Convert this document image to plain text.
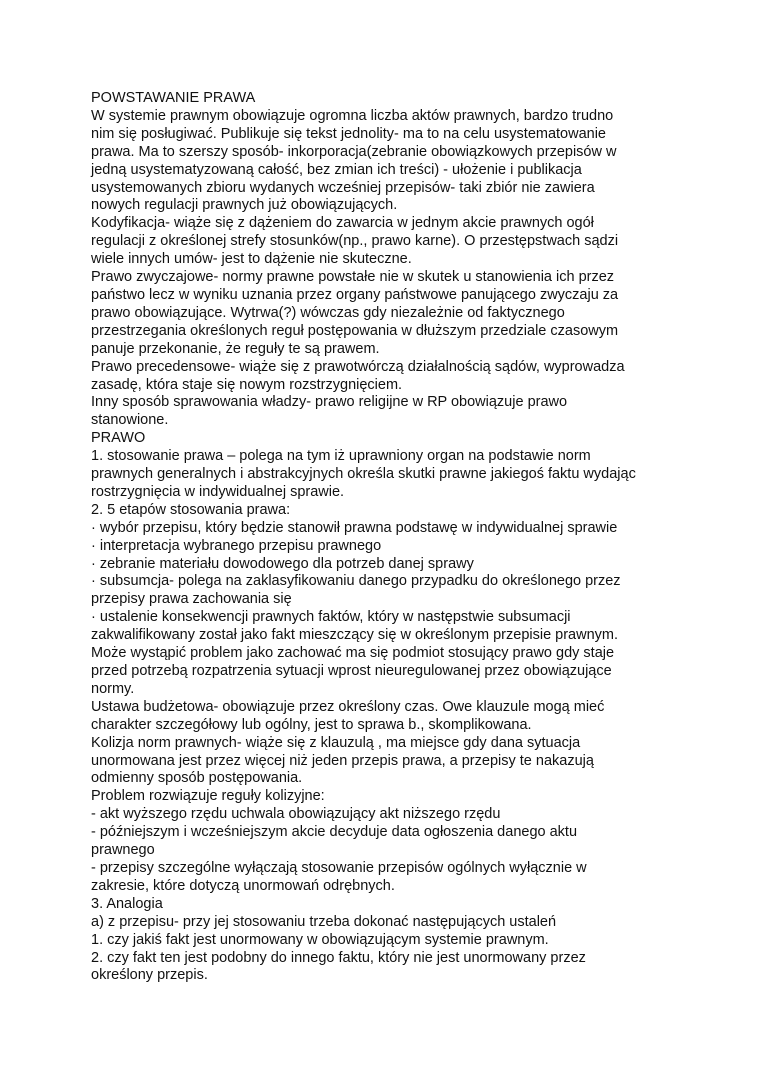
POWSTAWANIE PRAWA
W systemie prawnym obowiązuje ogromna liczba aktów prawnych, bardzo trudno
nim się posługiwać. Publikuje się tekst jednolity- ma to na celu usystematowanie
prawa. Ma to szerszy sposób- inkorporacja(zebranie obowiązkowych przepisów w
jedną usystematyzowaną całość, bez zmian ich treści) - ułożenie i publikacja
usystemowanych zbioru wydanych wcześniej przepisów- taki zbiór nie zawiera
nowych regulacji prawnych już obowiązujących.
Kodyfikacja- wiąże się z dążeniem do zawarcia w jednym akcie prawnych ogół
regulacji z określonej strefy stosunków(np., prawo karne). O przestępstwach sądzi
wiele innych umów- jest to dążenie nie skuteczne.
Prawo zwyczajowe- normy prawne powstałe nie w skutek u stanowienia ich przez
państwo lecz w wyniku uznania przez organy państwowe panującego zwyczaju za
prawo obowiązujące. Wytrwa(?) wówczas gdy niezależnie od faktycznego
przestrzegania określonych reguł postępowania w dłuższym przedziale czasowym
panuje przekonanie, że reguły te są prawem.
Prawo precedensowe- wiąże się z prawotwórczą działalnością sądów, wyprowadza
zasadę, która staje się nowym rozstrzygnięciem.
Inny sposób sprawowania władzy- prawo religijne w RP obowiązuje prawo
stanowione.
PRAWO
1. stosowanie prawa – polega na tym iż uprawniony organ na podstawie norm
prawnych generalnych i abstrakcyjnych określa skutki prawne jakiegoś faktu wydając
rostrzygnięcia w indywidualnej sprawie.
2. 5 etapów stosowania prawa:
· wybór przepisu, który będzie stanowił prawna podstawę w indywidualnej sprawie
· interpretacja wybranego przepisu prawnego
· zebranie materiału dowodowego dla potrzeb danej sprawy
· subsumcja- polega na zaklasyfikowaniu danego przypadku do określonego przez
przepisy prawa zachowania się
· ustalenie konsekwencji prawnych faktów, który w następstwie subsumacji
zakwalifikowany został jako fakt mieszczący się w określonym przepisie prawnym.
Może wystąpić problem jako zachować ma się podmiot stosujący prawo gdy staje
przed potrzebą rozpatrzenia sytuacji wprost nieuregulowanej przez obowiązujące
normy.
Ustawa budżetowa- obowiązuje przez określony czas. Owe klauzule mogą mieć
charakter szczegółowy lub ogólny, jest to sprawa b., skomplikowana.
Kolizja norm prawnych- wiąże się z klauzulą , ma miejsce gdy dana sytuacja
unormowana jest przez więcej niż jeden przepis prawa, a przepisy te nakazują
odmienny sposób postępowania.
Problem rozwiązuje reguły kolizyjne:
- akt wyższego rzędu uchwala obowiązujący akt niższego rzędu
- późniejszym i wcześniejszym akcie decyduje data ogłoszenia danego aktu
prawnego
- przepisy szczególne wyłączają stosowanie przepisów ogólnych wyłącznie w
zakresie, które dotyczą unormowań odrębnych.
3. Analogia
a) z przepisu- przy jej stosowaniu trzeba dokonać następujących ustaleń
1. czy jakiś fakt jest unormowany w obowiązującym systemie prawnym.
2. czy fakt ten jest podobny do innego faktu, który nie jest unormowany przez
określony przepis.
